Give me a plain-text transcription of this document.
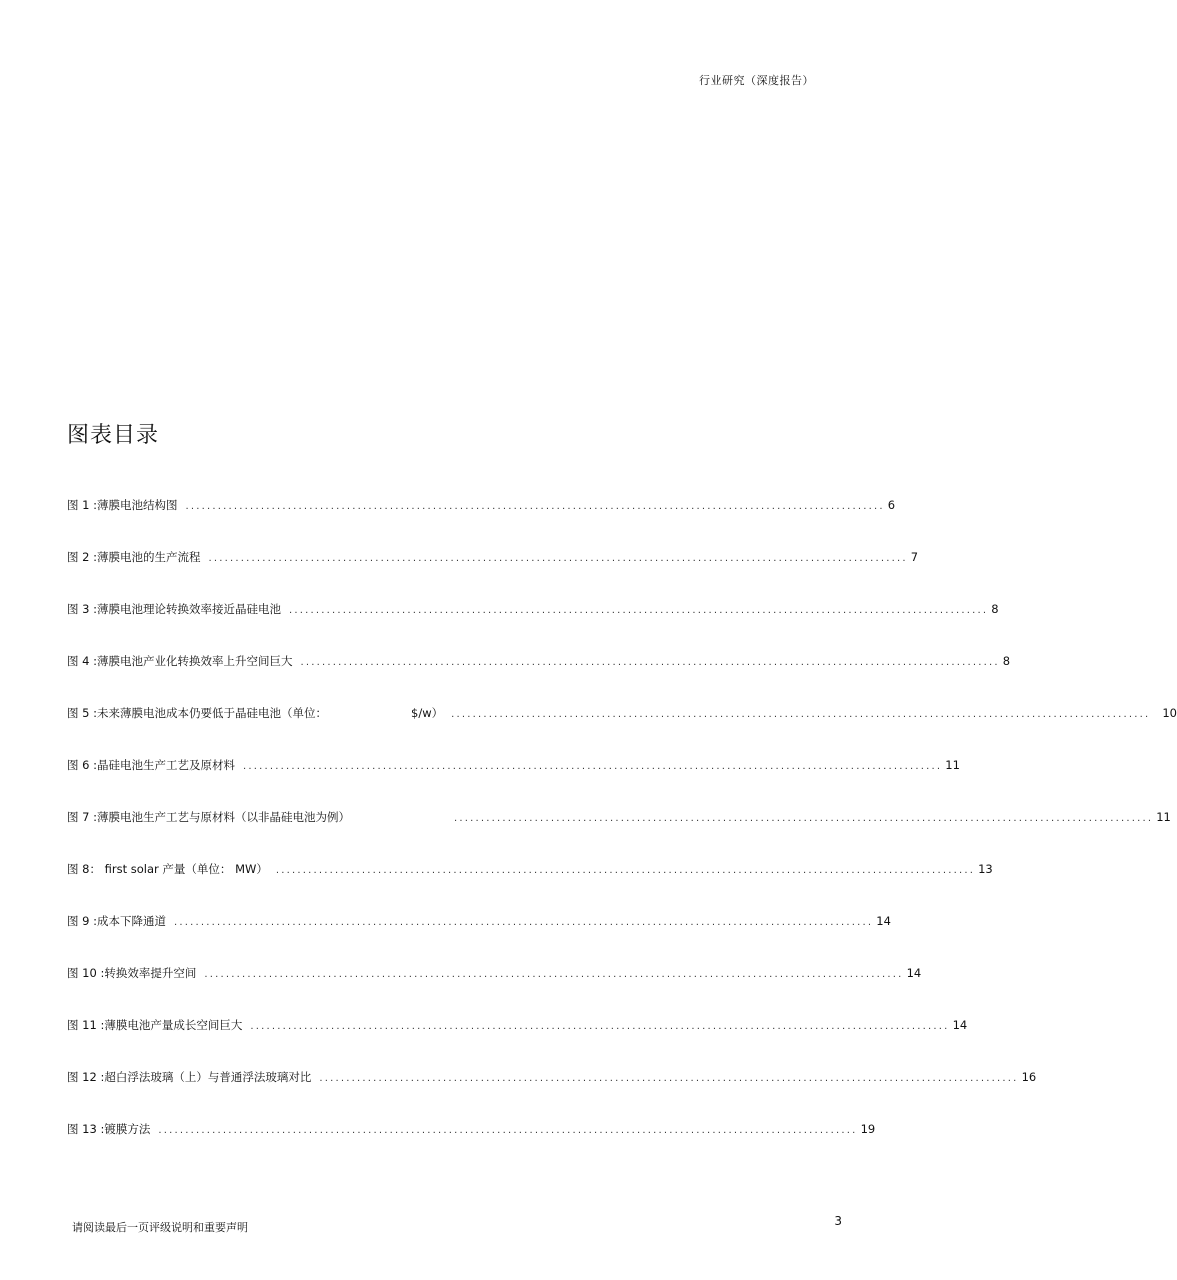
行业研究（深度报告）
图表目录
图 1 :薄膜电池结构图 .................................................................................................................................. 6
图 2 :薄膜电池的生产流程 .................................................................................................................................. 7
图 3 :薄膜电池理论转换效率接近晶硅电池 .................................................................................................................................. 8
图 4 :薄膜电池产业化转换效率上升空间巨大 .................................................................................................................................. 8
图 5 :未来薄膜电池成本仍要低于晶硅电池（单位：	$/w） .................................................................................................................................. 10
图 6 :晶硅电池生产工艺及原材料 .................................................................................................................................. 11
图 7 :薄膜电池生产工艺与原材料（以非晶硅电池为例）	.................................................................................................................................. 11
图 8： first solar 产量（单位： MW） .................................................................................................................................. 13
图 9 :成本下降通道 .................................................................................................................................. 14
图 10 :转换效率提升空间 .................................................................................................................................. 14
图 11 :薄膜电池产量成长空间巨大 .................................................................................................................................. 14
图 12 :超白浮法玻璃（上）与普通浮法玻璃对比 .................................................................................................................................. 16
图 13 :镀膜方法 .................................................................................................................................. 19
请阅读最后一页评级说明和重要声明	3
